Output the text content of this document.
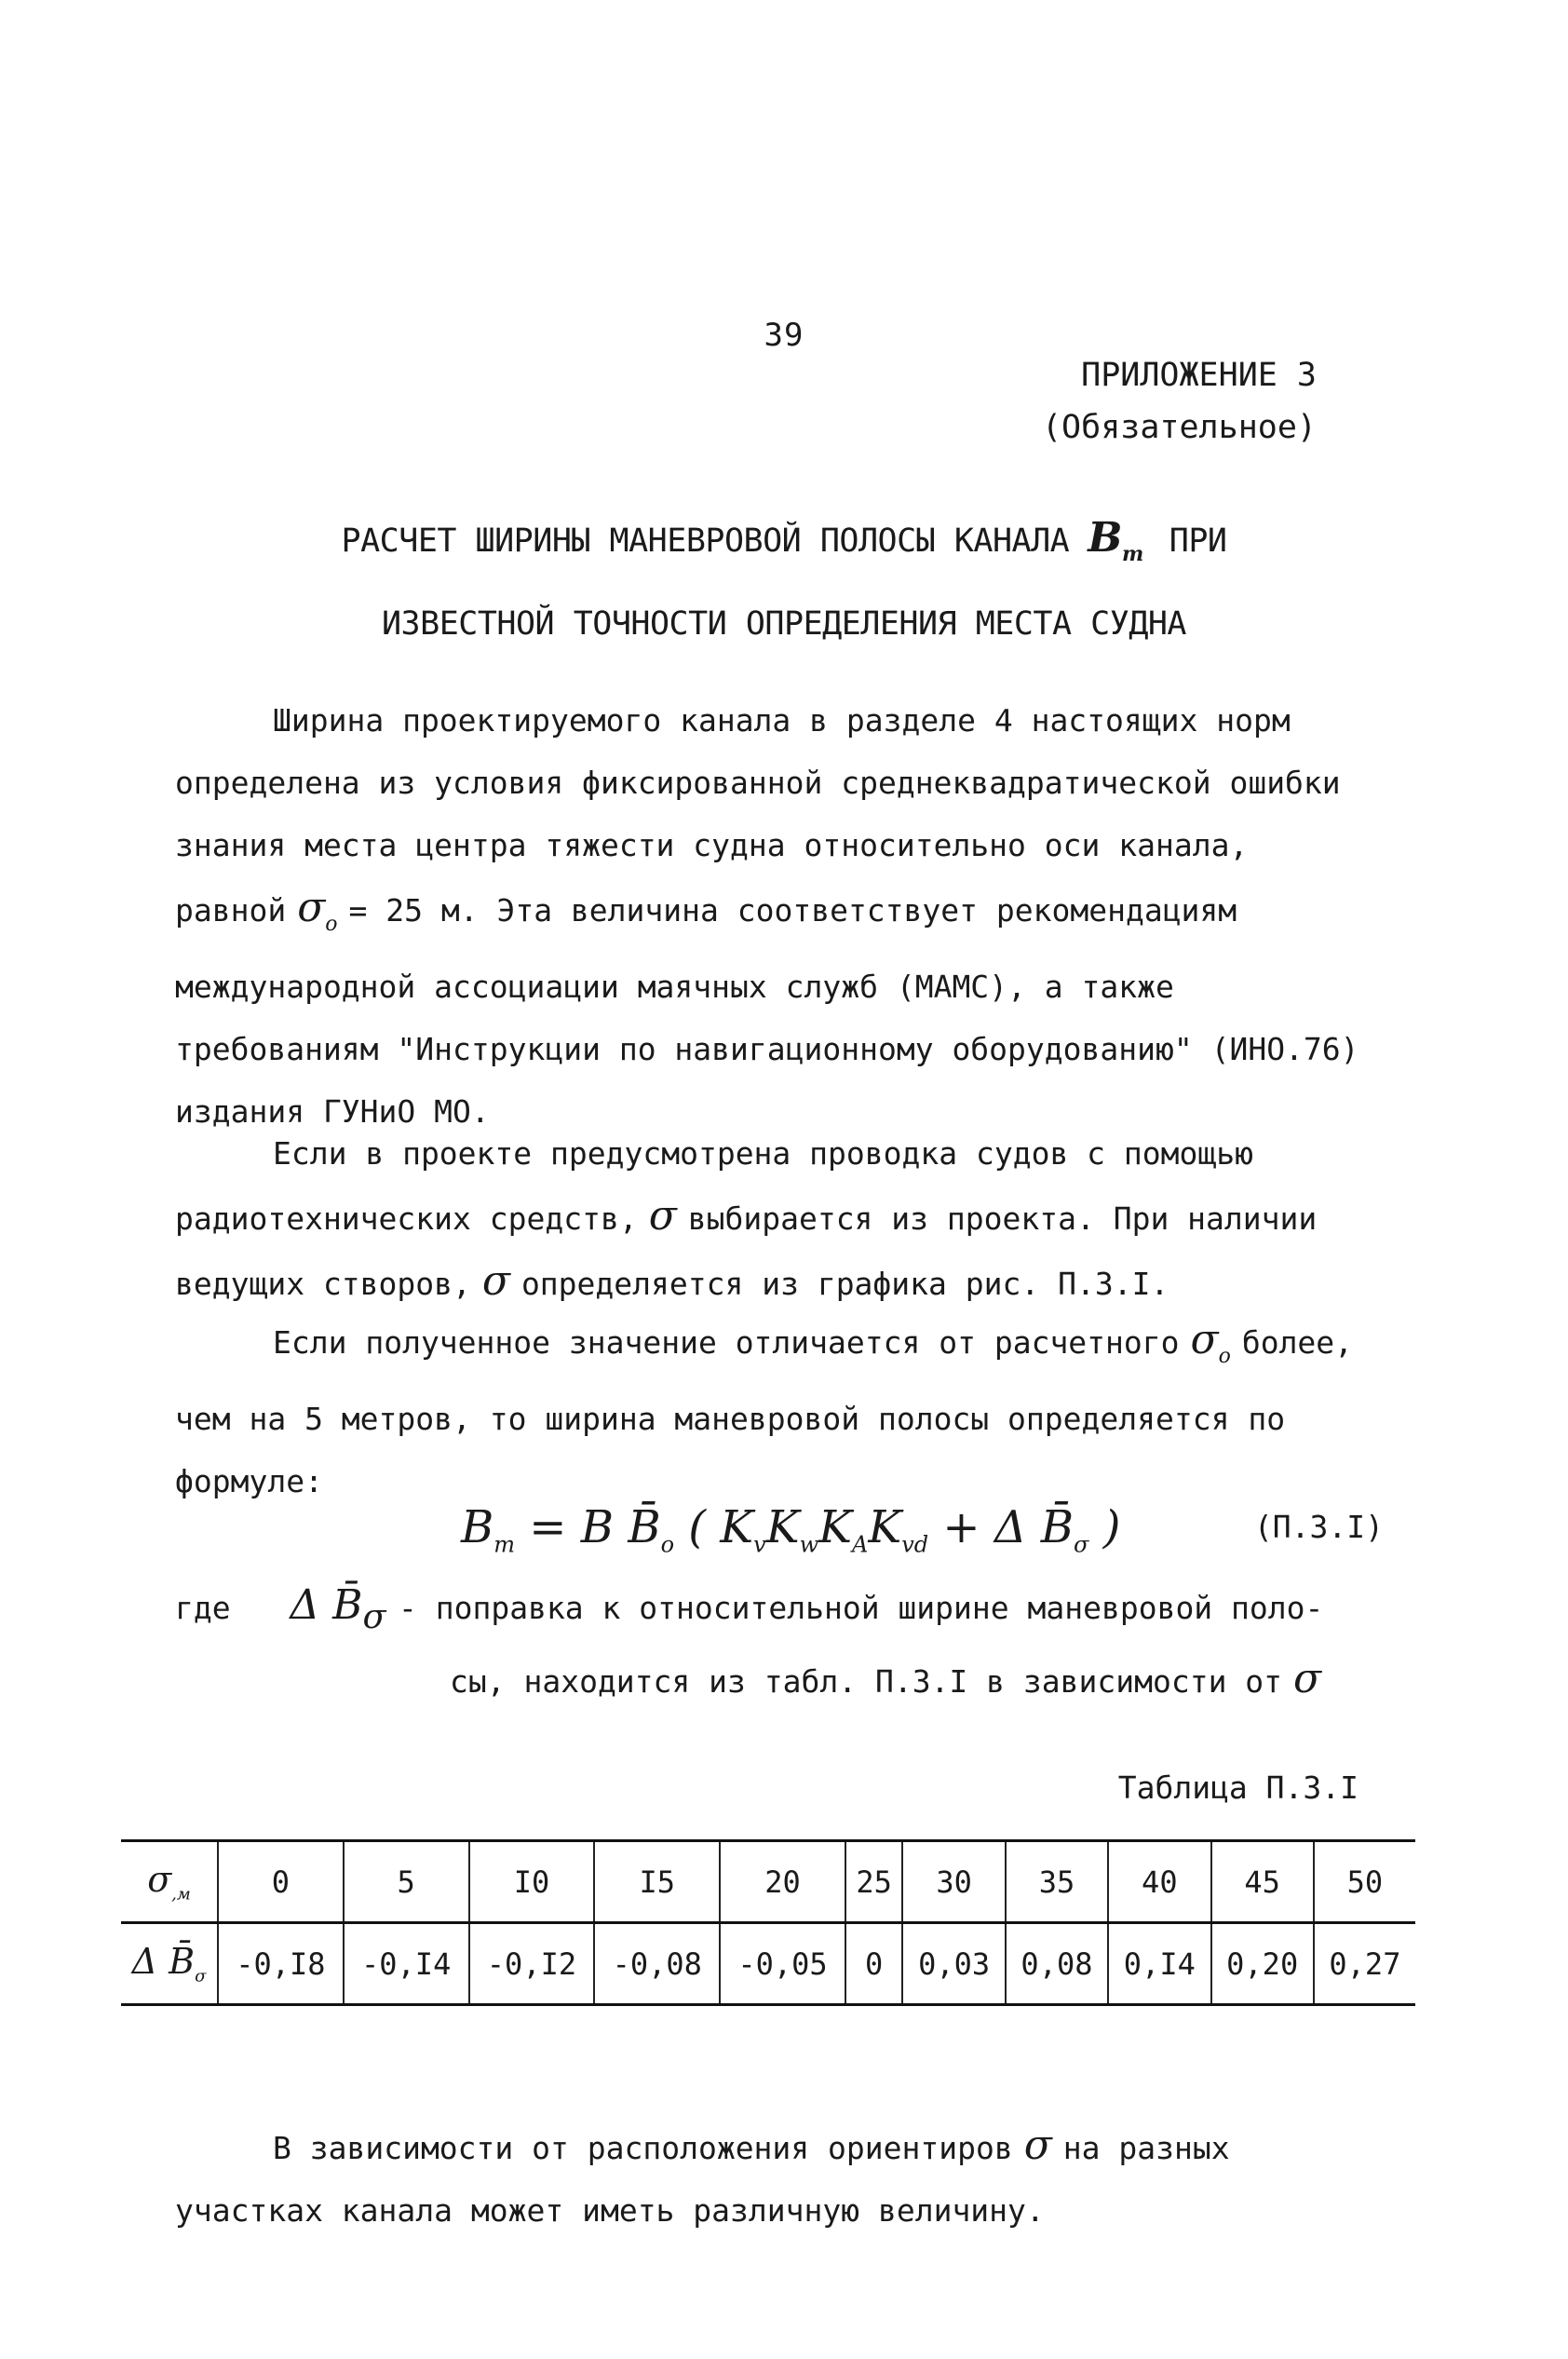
39
ПРИЛОЖЕНИЕ 3
(Обязательное)
РАСЧЕТ ШИРИНЫ МАНЕВРОВОЙ ПОЛОСЫ КАНАЛА $B_m$ ПРИ
ИЗВЕСТНОЙ ТОЧНОСТИ ОПРЕДЕЛЕНИЯ МЕСТА СУДНА
Ширина проектируемого канала в разделе 4 настоящих норм определена из условия фиксированной среднеквадратической ошибки знания места центра тяжести судна относительно оси канала, равной $\sigma_o = 25$ м. Эта величина соответствует рекомендациям международной ассоциации маячных служб (МАМС), а также требованиям "Инструкции по навигационному оборудованию" (ИНО.76) издания ГУНиО МО.
Если в проекте предусмотрена проводка судов с помощью радиотехнических средств, σ выбирается из проекта. При наличии ведущих створов, σ определяется из графика рис. П.3.I.
Если полученное значение отличается от расчетного $\sigma_o$ более, чем на 5 метров, то ширина маневровой полосы определяется по формуле:
$B_m = B$ $B̄_o$ ( $K_vK_wK_AK_{vd} + \Delta$ $B̄_\sigma$ )	(П.3.I)
где Δ $B̄_\sigma$ - поправка к относительной ширине маневровой поло-
сы, находится из табл. П.3.I в зависимости от σ
Таблица П.3.I
$\sigma_{,м}$	0	5	I0	I5	20	25	30	35	40	45	50
Δ $B̄_\sigma$	-0,I8	-0,I4	-0,I2	-0,08	-0,05	0	0,03	0,08	0,I4	0,20	0,27
В зависимости от расположения ориентиров σ на разных участках канала может иметь различную величину.
